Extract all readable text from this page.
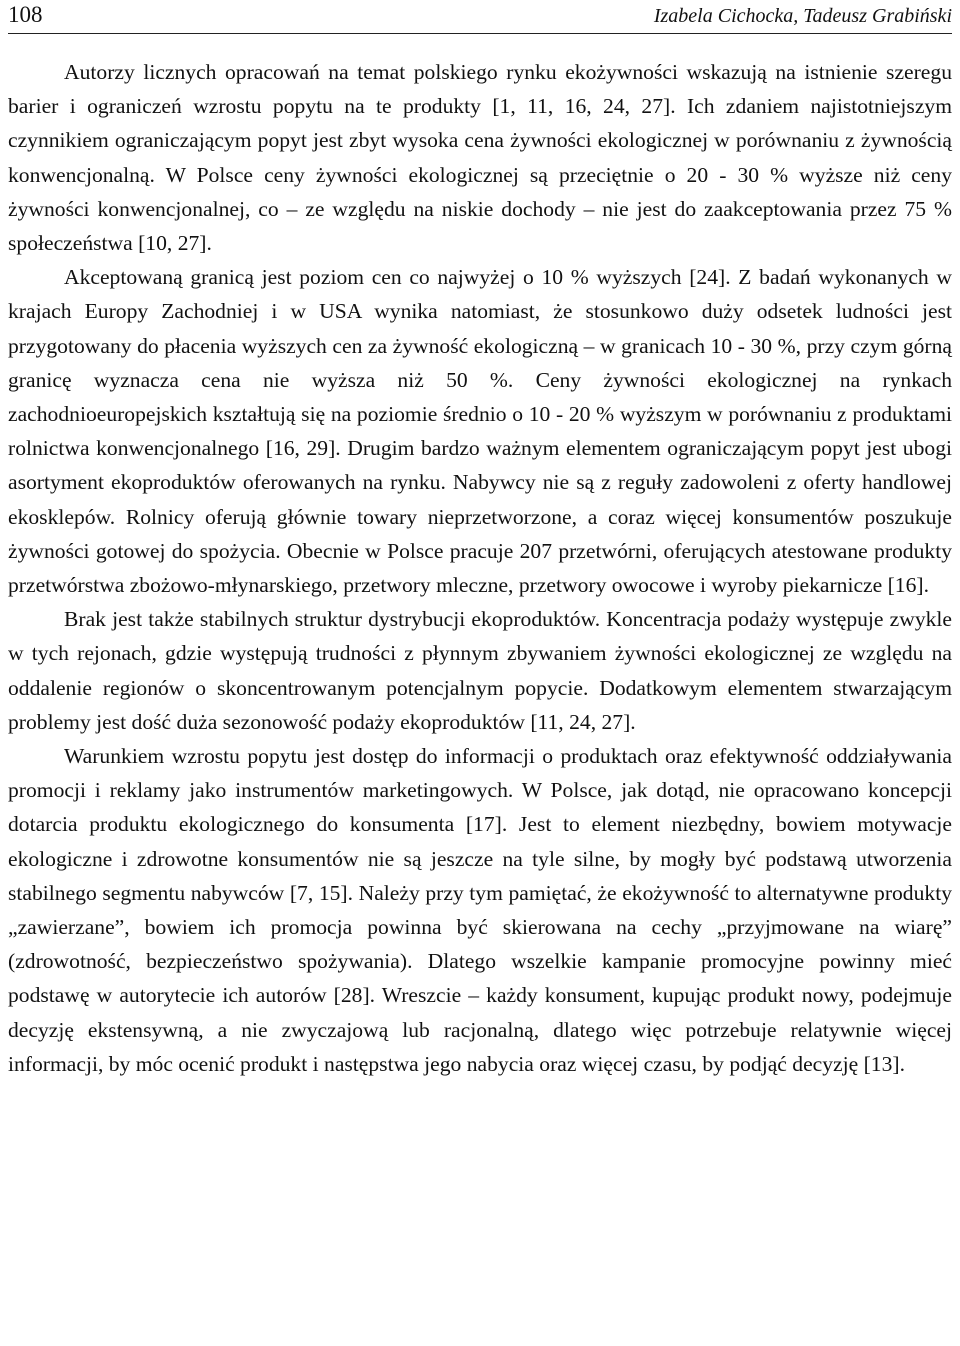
108	Izabela Cichocka, Tadeusz Grabiński

Autorzy licznych opracowań na temat polskiego rynku ekożywności wskazują na istnienie szeregu barier i ograniczeń wzrostu popytu na te produkty [1, 11, 16, 24, 27]. Ich zdaniem najistotniejszym czynnikiem ograniczającym popyt jest zbyt wysoka cena żywności ekologicznej w porównaniu z żywnością konwencjonalną. W Polsce ceny żywności ekologicznej są przeciętnie o 20 - 30 % wyższe niż ceny żywności konwencjonalnej, co – ze względu na niskie dochody – nie jest do zaakceptowania przez 75 % społeczeństwa [10, 27].

Akceptowaną granicą jest poziom cen co najwyżej o 10 % wyższych [24]. Z badań wykonanych w krajach Europy Zachodniej i w USA wynika natomiast, że stosunkowo duży odsetek ludności jest przygotowany do płacenia wyższych cen za żywność ekologiczną – w granicach 10 - 30 %, przy czym górną granicę wyznacza cena nie wyższa niż 50 %. Ceny żywności ekologicznej na rynkach zachodnioeuropejskich kształtują się na poziomie średnio o 10 - 20 % wyższym w porównaniu z produktami rolnictwa konwencjonalnego [16, 29]. Drugim bardzo ważnym elementem ograniczającym popyt jest ubogi asortyment ekoproduktów oferowanych na rynku. Nabywcy nie są z reguły zadowoleni z oferty handlowej ekosklepów. Rolnicy oferują głównie towary nieprzetworzone, a coraz więcej konsumentów poszukuje żywności gotowej do spożycia. Obecnie w Polsce pracuje 207 przetwórni, oferujących atestowane produkty przetwórstwa zbożowo-młynarskiego, przetwory mleczne, przetwory owocowe i wyroby piekarnicze [16].

Brak jest także stabilnych struktur dystrybucji ekoproduktów. Koncentracja podaży występuje zwykle w tych rejonach, gdzie występują trudności z płynnym zbywaniem żywności ekologicznej ze względu na oddalenie regionów o skoncentrowanym potencjalnym popycie. Dodatkowym elementem stwarzającym problemy jest dość duża sezonowość podaży ekoproduktów [11, 24, 27].

Warunkiem wzrostu popytu jest dostęp do informacji o produktach oraz efektywność oddziaływania promocji i reklamy jako instrumentów marketingowych. W Polsce, jak dotąd, nie opracowano koncepcji dotarcia produktu ekologicznego do konsumenta [17]. Jest to element niezbędny, bowiem motywacje ekologiczne i zdrowotne konsumentów nie są jeszcze na tyle silne, by mogły być podstawą utworzenia stabilnego segmentu nabywców [7, 15]. Należy przy tym pamiętać, że ekożywność to alternatywne produkty „zawierzane”, bowiem ich promocja powinna być skierowana na cechy „przyjmowane na wiarę” (zdrowotność, bezpieczeństwo spożywania). Dlatego wszelkie kampanie promocyjne powinny mieć podstawę w autorytecie ich autorów [28]. Wreszcie – każdy konsument, kupując produkt nowy, podejmuje decyzję ekstensywną, a nie zwyczajową lub racjonalną, dlatego więc potrzebuje relatywnie więcej informacji, by móc ocenić produkt i następstwa jego nabycia oraz więcej czasu, by podjąć decyzję [13].
